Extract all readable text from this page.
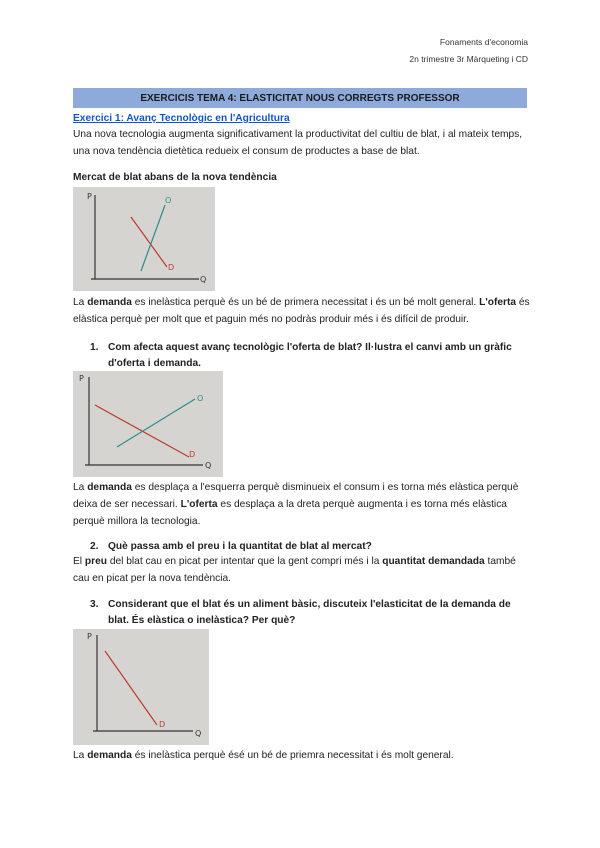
Fonaments d'economia
2n trimestre 3r Màrqueting i CD
EXERCICIS TEMA 4: ELASTICITAT NOUS CORREGTS PROFESSOR
Exercici 1: Avanç Tecnològic en l'Agricultura

Una nova tecnologia augmenta significativament la productivitat del cultiu de blat, i al mateix temps, una nova tendència dietètica redueix el consum de productes a base de blat.

Mercat de blat abans de la nova tendència

P
Q
O
D

La demanda es inelàstica perquè és un bé de primera necessitat i és un bé molt general. L'oferta és elàstica perquè per molt que et paguin més no podràs produir més i és difícil de produir.

1. Com afecta aquest avanç tecnològic l'oferta de blat? Il·lustra el canvi amb un gràfic d'oferta i demanda.
P
Q
O
D

La demanda es desplaça a l'esquerra perquè disminueix el consum i es torna més elàstica perquè deixa de ser necessari. L'oferta es desplaça a la dreta perquè augmenta i es torna més elàstica perquè millora la tecnologia.

2. Què passa amb el preu i la quantitat de blat al mercat?

El preu del blat cau en picat per intentar que la gent compri més i la quantitat demandada també cau en picat per la nova tendència.

3. Considerant que el blat és un aliment bàsic, discuteix l'elasticitat de la demanda de blat. És elàstica o inelàstica? Per què?
P
Q
D

La demanda és inelàstica perquè ésé un bé de priemra necessitat i és molt general.
